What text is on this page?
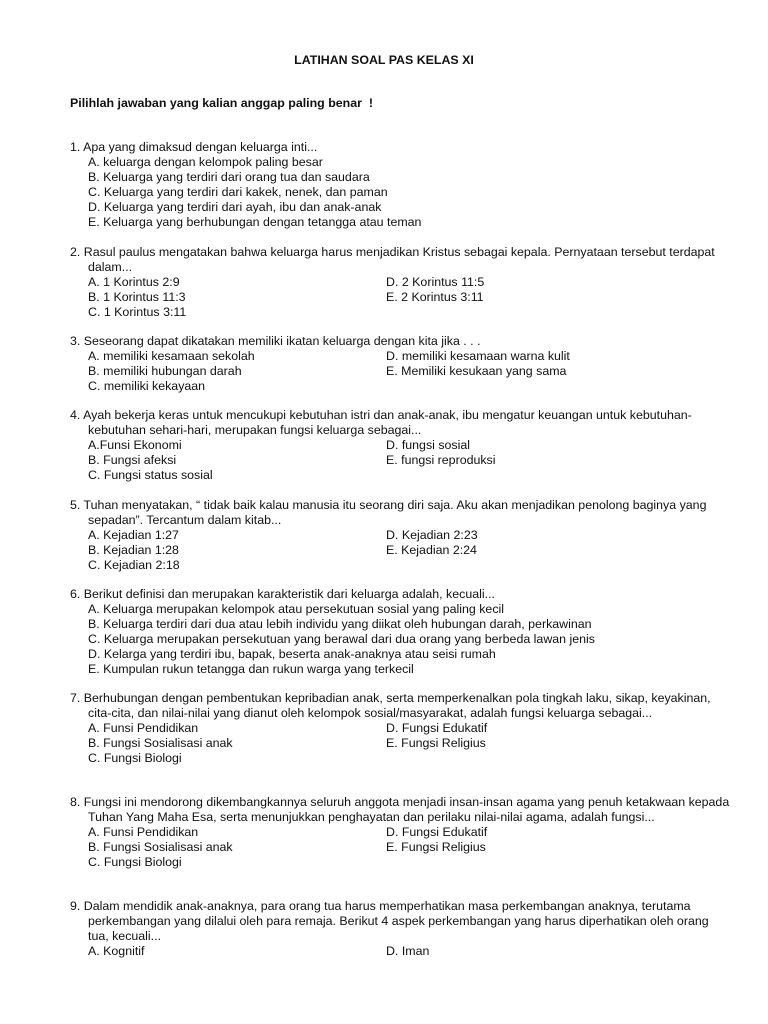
LATIHAN SOAL PAS KELAS XI
Pilihlah jawaban yang kalian anggap paling benar  !
1. Apa yang dimaksud dengan keluarga inti...
A. keluarga dengan kelompok paling besar
B. Keluarga yang terdiri dari orang tua dan saudara
C. Keluarga yang terdiri dari kakek, nenek, dan paman
D. Keluarga yang terdiri dari ayah, ibu dan anak-anak
E. Keluarga yang berhubungan dengan tetangga atau teman
2. Rasul paulus mengatakan bahwa keluarga harus menjadikan Kristus sebagai kepala. Pernyataan tersebut terdapat dalam...
A. 1 Korintus 2:9	D. 2 Korintus 11:5
B. 1 Korintus 11:3	E. 2 Korintus 3:11
C. 1 Korintus 3:11
3. Seseorang dapat dikatakan memiliki ikatan keluarga dengan kita jika . . .
A. memiliki kesamaan sekolah	D. memiliki kesamaan warna kulit
B. memiliki hubungan darah	E. Memiliki kesukaan yang sama
C. memiliki kekayaan
4. Ayah bekerja keras untuk mencukupi kebutuhan istri dan anak-anak, ibu mengatur keuangan untuk kebutuhan-kebutuhan sehari-hari, merupakan fungsi keluarga sebagai...
A.Funsi Ekonomi	D. fungsi sosial
B. Fungsi afeksi	E. fungsi reproduksi
C. Fungsi status sosial
5. Tuhan menyatakan, “ tidak baik kalau manusia itu seorang diri saja. Aku akan menjadikan penolong baginya yang sepadan”. Tercantum dalam kitab...
A. Kejadian 1:27	D. Kejadian 2:23
B. Kejadian 1:28	E. Kejadian 2:24
C. Kejadian 2:18
6. Berikut definisi dan merupakan karakteristik dari keluarga adalah, kecuali...
A. Keluarga merupakan kelompok atau persekutuan sosial yang paling kecil
B. Keluarga terdiri dari dua atau lebih individu yang diikat oleh hubungan darah, perkawinan
C. Keluarga merupakan persekutuan yang berawal dari dua orang yang berbeda lawan jenis
D. Kelarga yang terdiri ibu, bapak, beserta anak-anaknya atau seisi rumah
E. Kumpulan rukun tetangga dan rukun warga yang terkecil
7. Berhubungan dengan pembentukan kepribadian anak, serta memperkenalkan pola tingkah laku, sikap, keyakinan, cita-cita, dan nilai-nilai yang dianut oleh kelompok sosial/masyarakat, adalah fungsi keluarga sebagai...
A. Funsi Pendidikan	D. Fungsi Edukatif
B. Fungsi Sosialisasi anak	E. Fungsi Religius
C. Fungsi Biologi
8. Fungsi ini mendorong dikembangkannya seluruh anggota menjadi insan-insan agama yang penuh ketakwaan kepada Tuhan Yang Maha Esa, serta menunjukkan penghayatan dan perilaku nilai-nilai agama, adalah fungsi...
A. Funsi Pendidikan	D. Fungsi Edukatif
B. Fungsi Sosialisasi anak	E. Fungsi Religius
C. Fungsi Biologi
9. Dalam mendidik anak-anaknya, para orang tua harus memperhatikan masa perkembangan anaknya, terutama perkembangan yang dilalui oleh para remaja. Berikut 4 aspek perkembangan yang harus diperhatikan oleh orang tua, kecuali...
A. Kognitif	D. Iman
